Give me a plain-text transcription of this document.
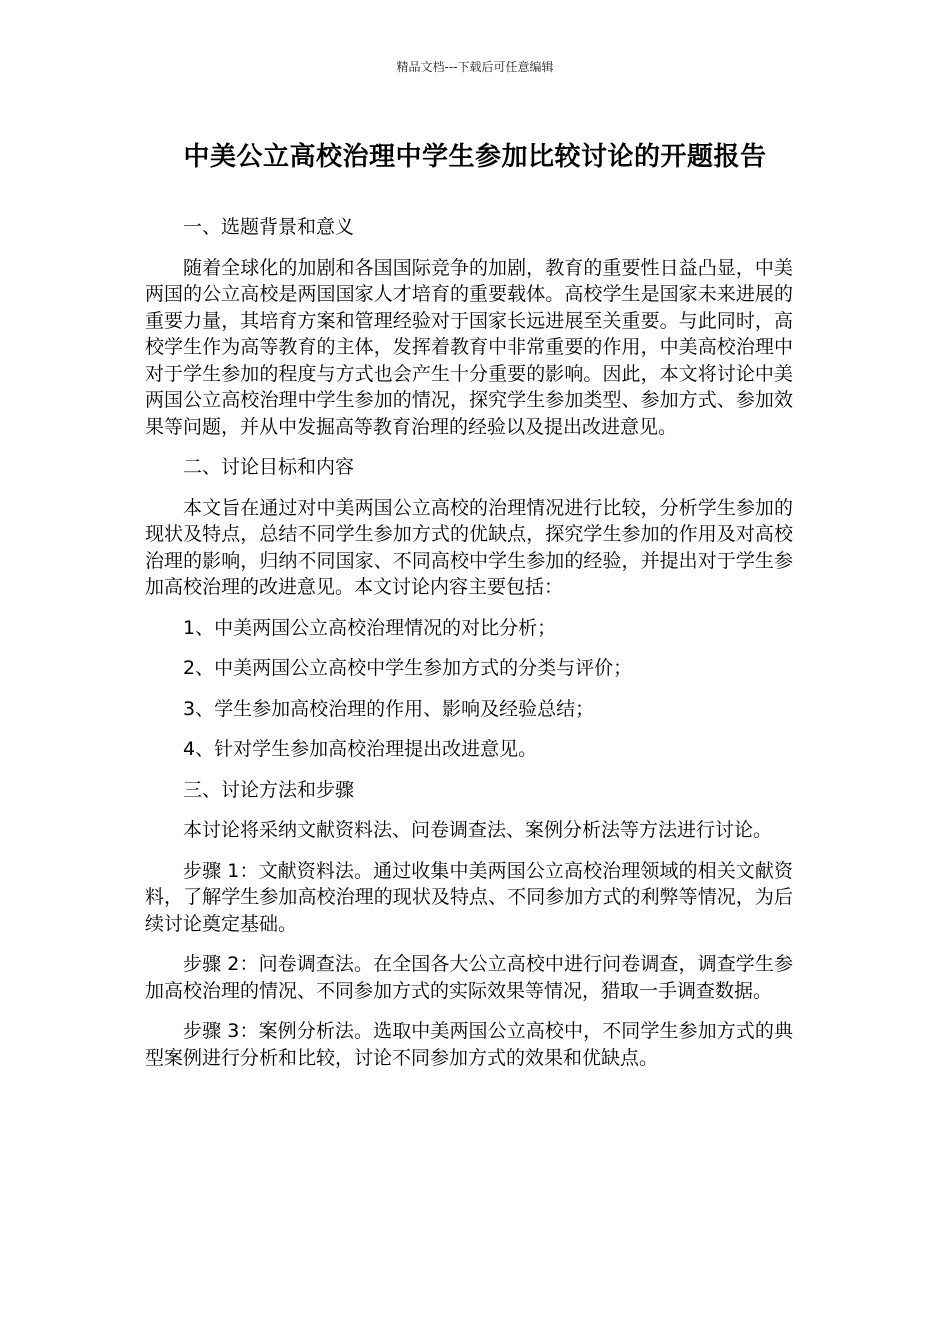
精品文档---下载后可任意编辑
中美公立高校治理中学生参加比较讨论的开题报告

一、选题背景和意义

随着全球化的加剧和各国国际竞争的加剧，教育的重要性日益凸显，中美两国的公立高校是两国国家人才培育的重要载体。高校学生是国家未来进展的重要力量，其培育方案和管理经验对于国家长远进展至关重要。与此同时，高校学生作为高等教育的主体，发挥着教育中非常重要的作用，中美高校治理中对于学生参加的程度与方式也会产生十分重要的影响。因此，本文将讨论中美两国公立高校治理中学生参加的情况，探究学生参加类型、参加方式、参加效果等问题，并从中发掘高等教育治理的经验以及提出改进意见。

二、讨论目标和内容

本文旨在通过对中美两国公立高校的治理情况进行比较，分析学生参加的现状及特点，总结不同学生参加方式的优缺点，探究学生参加的作用及对高校治理的影响，归纳不同国家、不同高校中学生参加的经验，并提出对于学生参加高校治理的改进意见。本文讨论内容主要包括：

1、中美两国公立高校治理情况的对比分析；

2、中美两国公立高校中学生参加方式的分类与评价；

3、学生参加高校治理的作用、影响及经验总结；

4、针对学生参加高校治理提出改进意见。

三、讨论方法和步骤

本讨论将采纳文献资料法、问卷调查法、案例分析法等方法进行讨论。

步骤 1：文献资料法。通过收集中美两国公立高校治理领域的相关文献资料，了解学生参加高校治理的现状及特点、不同参加方式的利弊等情况，为后续讨论奠定基础。

步骤 2：问卷调查法。在全国各大公立高校中进行问卷调查，调查学生参加高校治理的情况、不同参加方式的实际效果等情况，猎取一手调查数据。

步骤 3：案例分析法。选取中美两国公立高校中，不同学生参加方式的典型案例进行分析和比较，讨论不同参加方式的效果和优缺点。
